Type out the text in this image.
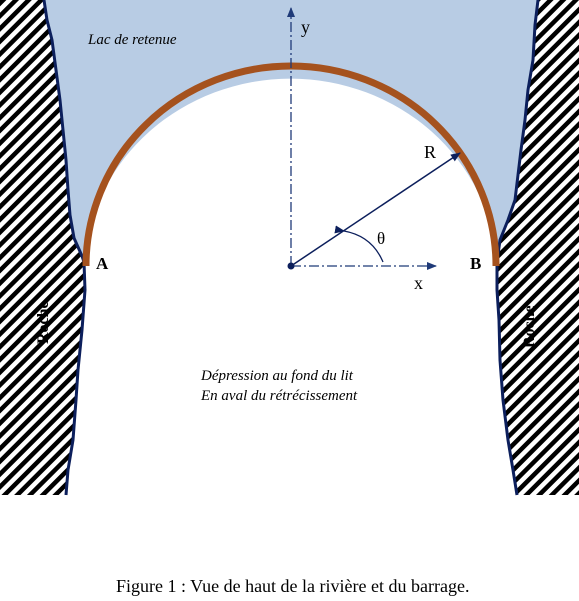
Lac de retenue
y
x
R
θ
A	B
Dépression au fond du lit
En aval du rétrécissement
Roche	Roche
Figure 1 : Vue de haut de la rivière et du barrage.
